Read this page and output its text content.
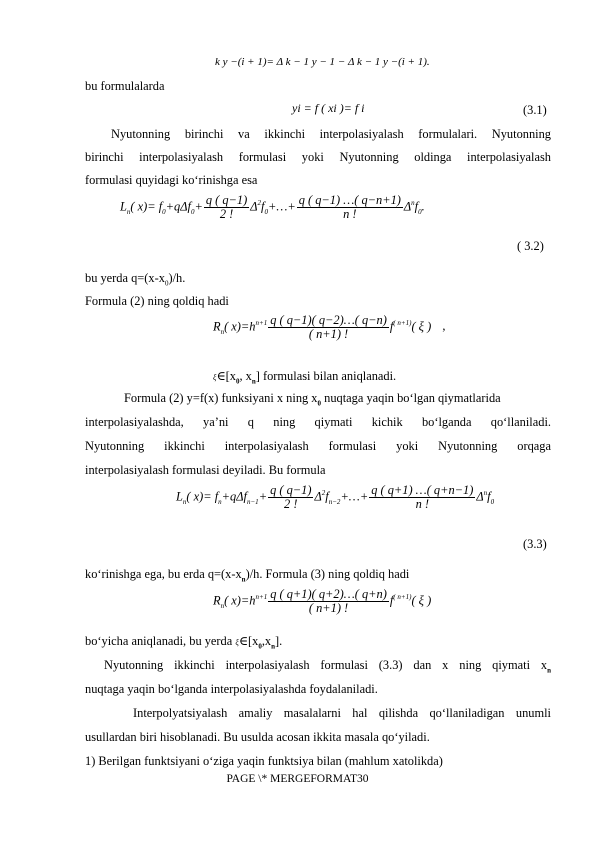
k y −(i + 1)= Δ k − 1 y − 1 − Δ k − 1 y −(i + 1).
bu formulalarda
yi = f ( xi )= f i	(3.1)
Nyutonning birinchi va ikkinchi interpolasiyalash formulalari. Nyutonning
birinchi interpolasiyalash formulasi yoki Nyutonning oldinga interpolasiyalash
formulasi quyidagi ko‘rinishga esa
$L_n$( $x)= f_0+q\Delta f_0+ \frac{q ( q-1)}{2 !}$ $\Delta^2f_0+\dots+ \frac{q ( q-1) \dots( q-n+1)}{n !} \Delta^nf_0$.
( 3.2)
bu yerda $q=(x-x_0)/h$.
Formula (2) ning qoldiq hadi
$R_n$( $x)=h^{n+1} \frac{q ( q-1)( q-2)\dots( q-n)}{( n+1) !} f^{( n+1)}$( ξ ) ,
$\xi\in[x_0$, $x_n$] formulasi bilan aniqlanadi.
Formula (2) y=f(x) funksiyani x ning $x_0$ nuqtaga yaqin bo‘lgan qiymatlarida
interpolasiyalashda, ya’ni q ning qiymati kichik bo‘lganda qo‘llaniladi.
Nyutonning ikkinchi interpolasiyalash formulasi yoki Nyutonning orqaga
interpolasiyalash formulasi deyiladi. Bu formula
$L_n$( $x)= f_n+q\Delta f_{n-1}+ \frac{q ( q-1)}{2 !}$ $\Delta^2f_{n-2}+\dots+ \frac{q ( q+1) \dots( q+n-1)}{n !} \Delta^nf_0$
(3.3)
ko‘rinishga ega, bu erda $q=(x-x_n)/h$. Formula (3) ning qoldiq hadi
$R_n$( $x)=h^{n+1} \frac{q ( q+1)( q+2)\dots( q+n)}{( n+1) !} f^{( n+1)}$( ξ )
bo‘yicha aniqlanadi, bu yerda $\xi\in[x_0,x_n]$.
Nyutonning ikkinchi interpolasiyalash formulasi (3.3) dan x ning qiymati $x_n$
nuqtaga yaqin bo‘lganda interpolasiyalashda foydalaniladi.
Interpolyatsiyalash amaliy masalalarni hal qilishda qo‘llaniladigan unumli
usullardan biri hisoblanadi. Bu usulda acosan ikkita masala qo‘yiladi.
1) Berilgan funktsiyani o‘ziga yaqin funktsiya bilan (mahlum xatolikda)
PAGE \* MERGEFORMAT30
